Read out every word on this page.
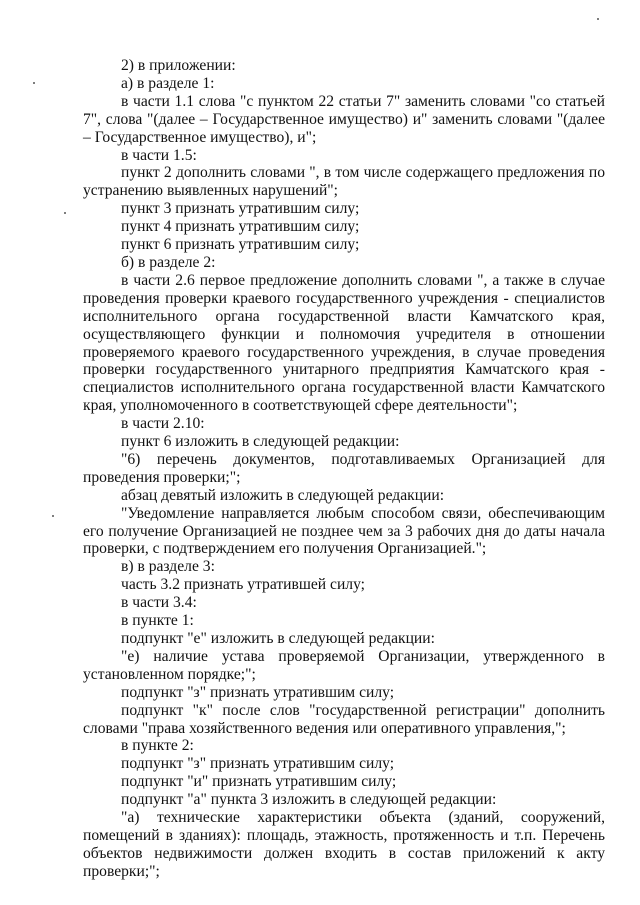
2) в приложении:

а) в разделе 1:

в части 1.1 слова "с пунктом 22 статьи 7" заменить словами "со статьей 7", слова "(далее – Государственное имущество) и" заменить словами "(далее – Государственное имущество), и";

в части 1.5:

пункт 2 дополнить словами ", в том числе содержащего предложения по устранению выявленных нарушений";

пункт 3 признать утратившим силу;

пункт 4 признать утратившим силу;

пункт 6 признать утратившим силу;

б) в разделе 2:

в части 2.6 первое предложение дополнить словами ", а также в случае проведения проверки краевого государственного учреждения - специалистов исполнительного органа государственной власти Камчатского края, осуществляющего функции и полномочия учредителя в отношении проверяемого краевого государственного учреждения, в случае проведения проверки государственного унитарного предприятия Камчатского края - специалистов исполнительного органа государственной власти Камчатского края, уполномоченного в соответствующей сфере деятельности";

в части 2.10:

пункт 6 изложить в следующей редакции:

"6) перечень документов, подготавливаемых Организацией для проведения проверки;";

абзац девятый изложить в следующей редакции:

"Уведомление направляется любым способом связи, обеспечивающим его получение Организацией не позднее чем за 3 рабочих дня до даты начала проверки, с подтверждением его получения Организацией.";

в) в разделе 3:

часть 3.2 признать утратившей силу;

в части 3.4:

в пункте 1:

подпункт "е" изложить в следующей редакции:

"е) наличие устава проверяемой Организации, утвержденного в установленном порядке;";

подпункт "з" признать утратившим силу;

подпункт "к" после слов "государственной регистрации" дополнить словами "права хозяйственного ведения или оперативного управления,";

в пункте 2:

подпункт "з" признать утратившим силу;

подпункт "и" признать утратившим силу;

подпункт "а" пункта 3 изложить в следующей редакции:

"а) технические характеристики объекта (зданий, сооружений, помещений в зданиях): площадь, этажность, протяженность и т.п. Перечень объектов недвижимости должен входить в состав приложений к акту проверки;";
